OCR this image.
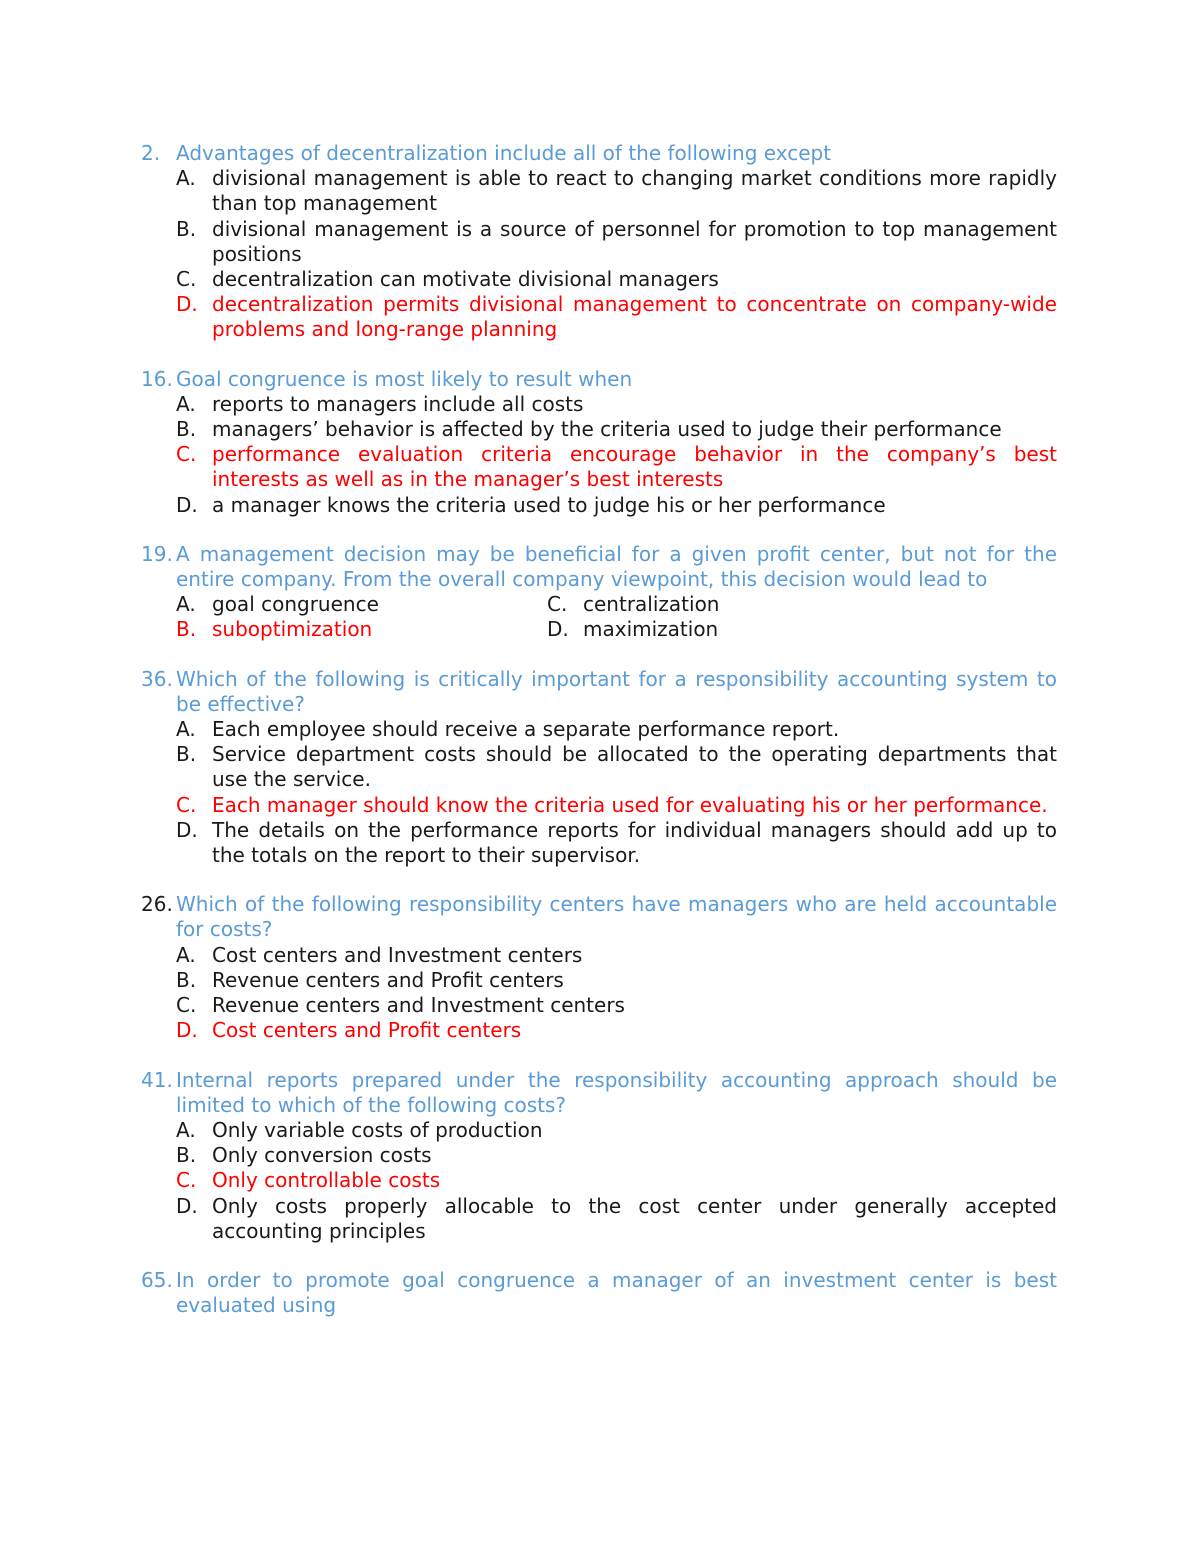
2. Advantages of decentralization include all of the following except
A. divisional management is able to react to changing market conditions more rapidly than top management
B. divisional management is a source of personnel for promotion to top management positions
C. decentralization can motivate divisional managers
D. decentralization permits divisional management to concentrate on company-wide problems and long-range planning
16. Goal congruence is most likely to result when
A. reports to managers include all costs
B. managers’ behavior is affected by the criteria used to judge their performance
C. performance evaluation criteria encourage behavior in the company’s best interests as well as in the manager’s best interests
D. a manager knows the criteria used to judge his or her performance
19. A management decision may be beneficial for a given profit center, but not for the entire company. From the overall company viewpoint, this decision would lead to
A. goal congruence	C. centralization
B. suboptimization	D. maximization
36. Which of the following is critically important for a responsibility accounting system to be effective?
A. Each employee should receive a separate performance report.
B. Service department costs should be allocated to the operating departments that use the service.
C. Each manager should know the criteria used for evaluating his or her performance.
D. The details on the performance reports for individual managers should add up to the totals on the report to their supervisor.
26. Which of the following responsibility centers have managers who are held accountable for costs?
A. Cost centers and Investment centers
B. Revenue centers and Profit centers
C. Revenue centers and Investment centers
D. Cost centers and Profit centers
41. Internal reports prepared under the responsibility accounting approach should be limited to which of the following costs?
A. Only variable costs of production
B. Only conversion costs
C. Only controllable costs
D. Only costs properly allocable to the cost center under generally accepted accounting principles
65. In order to promote goal congruence a manager of an investment center is best evaluated using
